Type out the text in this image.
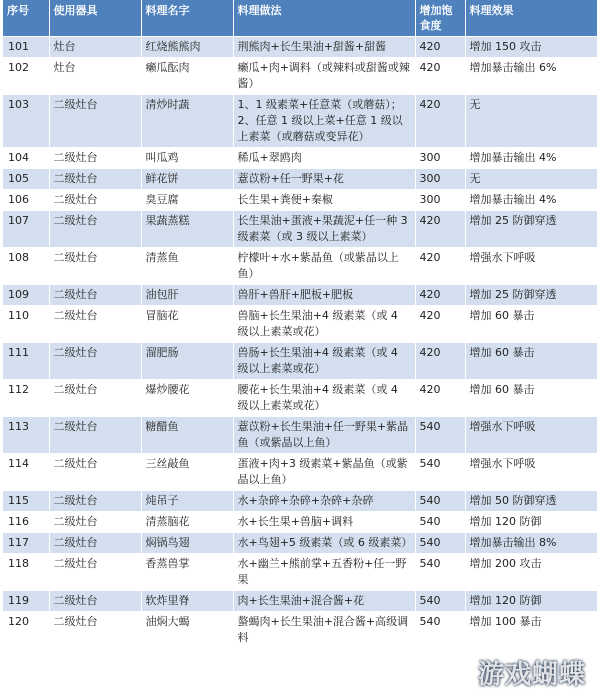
序号	使用器具	料理名字	料理做法	增加饱食度	料理效果
101	灶台	红烧熊熊肉	荆熊肉+长生果油+甜酱+甜酱	420	增加 150 攻击
102	灶台	癞瓜酝肉	癞瓜+肉+调料（或辣料或甜酱或辣酱）	420	增加暴击输出 6%
103	二级灶台	清炒时蔬	1、1 级素菜+任意菜（或蘑菇）；2、任意 1 级以上菜+任意 1 级以上素菜（或蘑菇或变异花）	420	无
104	二级灶台	叫瓜鸡	稀瓜+翠鸥肉	300	增加暴击输出 4%
105	二级灶台	鲜花饼	薏苡粉+任一野果+花	300	无
106	二级灶台	臭豆腐	长生果+粪便+秦椒	300	增加暴击输出 4%
107	二级灶台	果蔬蒸糕	长生果油+蛋液+果蔬泥+任一种 3 级素菜（或 3 级以上素菜）	420	增加 25 防御穿透
108	二级灶台	清蒸鱼	柠檬叶+水+紫晶鱼（或紫晶以上鱼）	420	增强水下呼吸
109	二级灶台	油包肝	兽肝+兽肝+肥板+肥板	420	增加 25 防御穿透
110	二级灶台	冒脑花	兽脑+长生果油+4 级素菜（或 4 级以上素菜或花）	420	增加 60 暴击
111	二级灶台	溜肥肠	兽肠+长生果油+4 级素菜（或 4 级以上素菜或花）	420	增加 60 暴击
112	二级灶台	爆炒腰花	腰花+长生果油+4 级素菜（或 4 级以上素菜或花）	420	增加 60 暴击
113	二级灶台	糖醋鱼	薏苡粉+长生果油+任一野果+紫晶鱼（或紫晶以上鱼）	540	增强水下呼吸
114	二级灶台	三丝敲鱼	蛋液+肉+3 级素菜+紫晶鱼（或紫晶以上鱼）	540	增强水下呼吸
115	二级灶台	炖吊子	水+杂碎+杂碎+杂碎+杂碎	540	增加 50 防御穿透
116	二级灶台	清蒸脑花	水+长生果+兽脑+调料	540	增加 120 防御
117	二级灶台	焖锅鸟翅	水+鸟翅+5 级素菜（或 6 级素菜）	540	增加暴击输出 8%
118	二级灶台	香蒸兽掌	水+幽兰+熊前掌+五香粉+任一野果	540	增加 200 攻击
119	二级灶台	软炸里脊	肉+长生果油+混合酱+花	540	增加 120 防御
120	二级灶台	油焖大蝎	螯蝎肉+长生果油+混合酱+高级调料	540	增加 100 暴击
游戏蝴蝶
